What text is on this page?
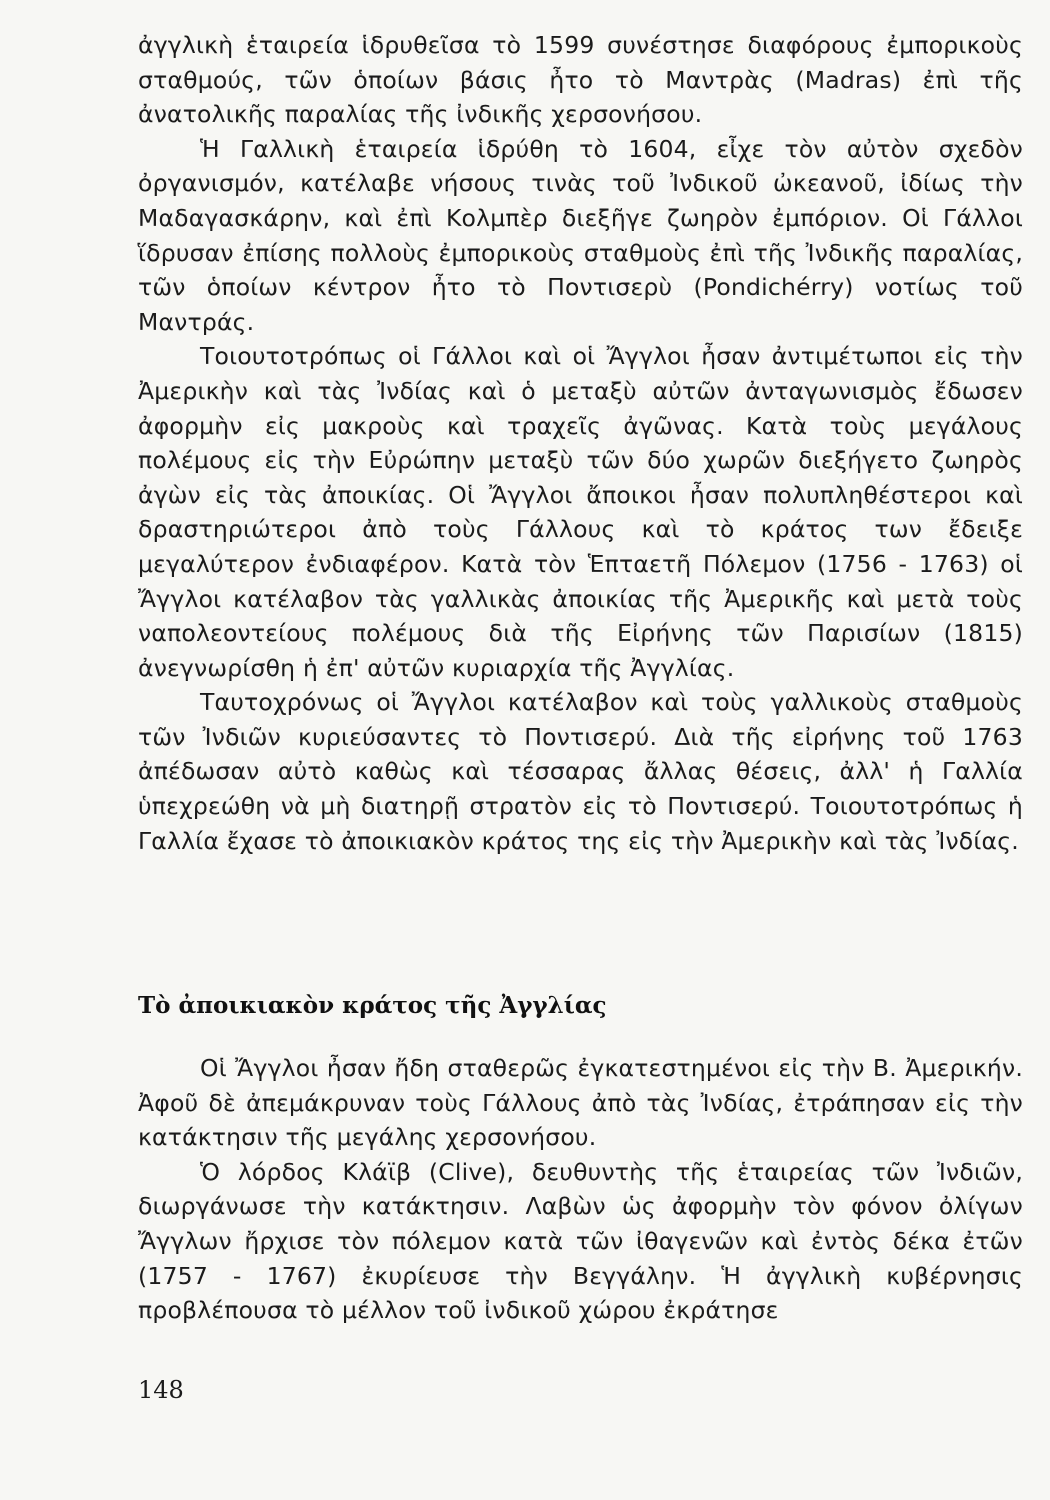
ἀγγλικὴ ἑταιρεία ἱδρυθεῖσα τὸ 1599 συνέστησε διαφόρους ἐμπορικοὺς σταθμούς, τῶν ὁποίων βάσις ἦτο τὸ Μαντρὰς (Madras) ἐπὶ τῆς ἀνατολικῆς παραλίας τῆς ἰνδικῆς χερσονήσου.

Ἡ Γαλλικὴ ἑταιρεία ἱδρύθη τὸ 1604, εἶχε τὸν αὐτὸν σχεδὸν ὀργανισμόν, κατέλαβε νήσους τινὰς τοῦ Ἰνδικοῦ ὠκεανοῦ, ἰδίως τὴν Μαδαγασκάρην, καὶ ἐπὶ Κολμπὲρ διεξῆγε ζωηρὸν ἐμπόριον. Οἱ Γάλλοι ἵδρυσαν ἐπίσης πολλοὺς ἐμπορικοὺς σταθμοὺς ἐπὶ τῆς Ἰνδικῆς παραλίας, τῶν ὁποίων κέντρον ἦτο τὸ Ποντισερὺ (Pondichérry) νοτίως τοῦ Μαντράς.

Τοιουτοτρόπως οἱ Γάλλοι καὶ οἱ Ἄγγλοι ἦσαν ἀντιμέτωποι εἰς τὴν Ἀμερικὴν καὶ τὰς Ἰνδίας καὶ ὁ μεταξὺ αὐτῶν ἀνταγωνισμὸς ἔδωσεν ἀφορμὴν εἰς μακροὺς καὶ τραχεῖς ἀγῶνας. Κατὰ τοὺς μεγάλους πολέμους εἰς τὴν Εὐρώπην μεταξὺ τῶν δύο χωρῶν διεξήγετο ζωηρὸς ἀγὼν εἰς τὰς ἀποικίας. Οἱ Ἄγγλοι ἄποικοι ἦσαν πολυπληθέστεροι καὶ δραστηριώτεροι ἀπὸ τοὺς Γάλλους καὶ τὸ κράτος των ἔδειξε μεγαλύτερον ἐνδιαφέρον. Κατὰ τὸν Ἑπταετῆ Πόλεμον (1756 - 1763) οἱ Ἄγγλοι κατέλαβον τὰς γαλλικὰς ἀποικίας τῆς Ἀμερικῆς καὶ μετὰ τοὺς ναπολεοντείους πολέμους διὰ τῆς Εἰρήνης τῶν Παρισίων (1815) ἀνεγνωρίσθη ἡ ἐπ' αὐτῶν κυριαρχία τῆς Ἀγγλίας.

Ταυτοχρόνως οἱ Ἄγγλοι κατέλαβον καὶ τοὺς γαλλικοὺς σταθμοὺς τῶν Ἰνδιῶν κυριεύσαντες τὸ Ποντισερύ. Διὰ τῆς εἰρήνης τοῦ 1763 ἀπέδωσαν αὐτὸ καθὼς καὶ τέσσαρας ἄλλας θέσεις, ἀλλ' ἡ Γαλλία ὑπεχρεώθη νὰ μὴ διατηρῇ στρατὸν εἰς τὸ Ποντισερύ. Τοιουτοτρόπως ἡ Γαλλία ἔχασε τὸ ἀποικιακὸν κράτος της εἰς τὴν Ἀμερικὴν καὶ τὰς Ἰνδίας.

Τὸ ἀποικιακὸν κράτος τῆς Ἀγγλίας

Οἱ Ἄγγλοι ἦσαν ἤδη σταθερῶς ἐγκατεστημένοι εἰς τὴν Β. Ἀμερικήν. Ἀφοῦ δὲ ἀπεμάκρυναν τοὺς Γάλλους ἀπὸ τὰς Ἰνδίας, ἐτράπησαν εἰς τὴν κατάκτησιν τῆς μεγάλης χερσονήσου.

Ὁ λόρδος Κλάϊβ (Clive), δευθυντὴς τῆς ἑταιρείας τῶν Ἰνδιῶν, διωργάνωσε τὴν κατάκτησιν. Λαβὼν ὡς ἀφορμὴν τὸν φόνον ὀλίγων Ἄγγλων ἤρχισε τὸν πόλεμον κατὰ τῶν ἰθαγενῶν καὶ ἐντὸς δέκα ἐτῶν (1757 - 1767) ἐκυρίευσε τὴν Βεγγάλην. Ἡ ἀγγλικὴ κυβέρνησις προβλέπουσα τὸ μέλλον τοῦ ἰνδικοῦ χώρου ἐκράτησε

148
